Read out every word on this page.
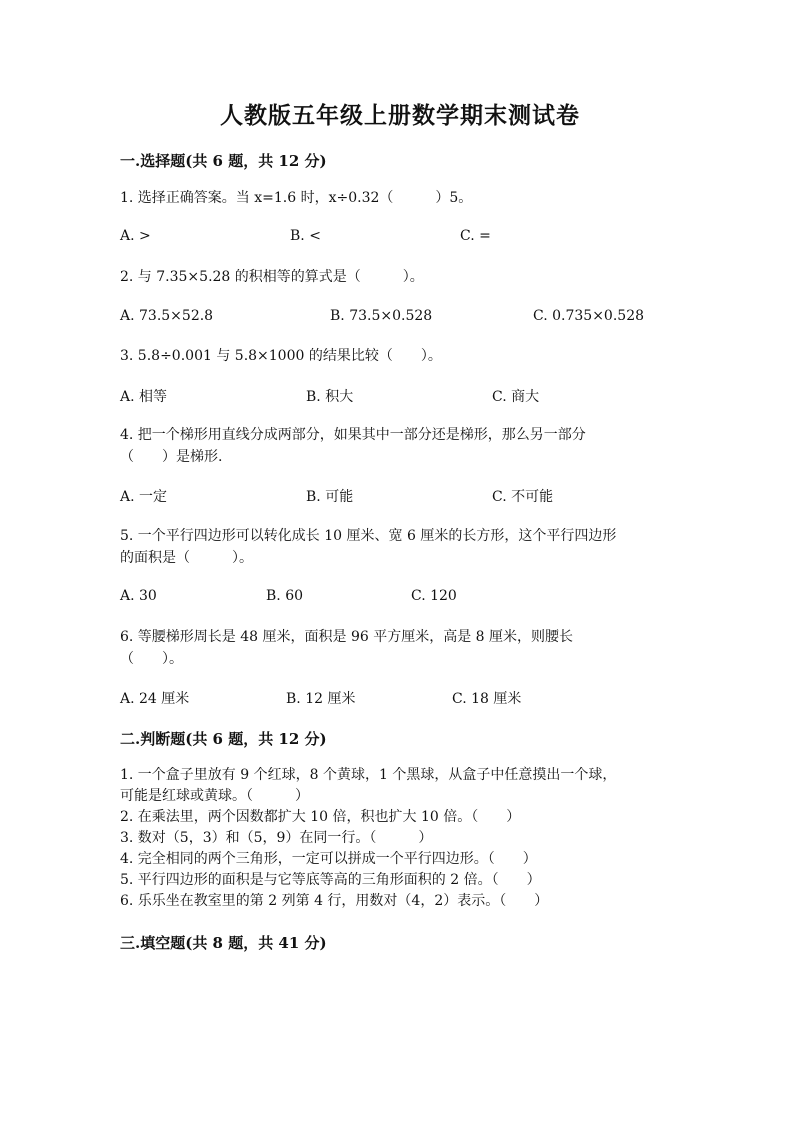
人教版五年级上册数学期末测试卷
一.选择题(共 6 题，共 12 分)
1. 选择正确答案。当 x=1.6 时，x÷0.32（　　　）5。
A. >	B. <	C. =
2. 与 7.35×5.28 的积相等的算式是（　　　）。
A. 73.5×52.8	B. 73.5×0.528	C. 0.735×0.528
3. 5.8÷0.001 与 5.8×1000 的结果比较（　　）。
A. 相等	B. 积大	C. 商大
4. 把一个梯形用直线分成两部分，如果其中一部分还是梯形，那么另一部分
（　　）是梯形.
A. 一定	B. 可能	C. 不可能
5. 一个平行四边形可以转化成长 10 厘米、宽 6 厘米的长方形，这个平行四边形
的面积是（　　　）。
A. 30	B. 60	C. 120
6. 等腰梯形周长是 48 厘米，面积是 96 平方厘米，高是 8 厘米，则腰长
（　　）。
A. 24 厘米	B. 12 厘米	C. 18 厘米
二.判断题(共 6 题，共 12 分)
1. 一个盒子里放有 9 个红球，8 个黄球，1 个黑球，从盒子中任意摸出一个球，
可能是红球或黄球。（　　　）
2. 在乘法里，两个因数都扩大 10 倍，积也扩大 10 倍。（　　）
3. 数对（5，3）和（5，9）在同一行。（　　　）
4. 完全相同的两个三角形，一定可以拼成一个平行四边形。（　　）
5. 平行四边形的面积是与它等底等高的三角形面积的 2 倍。（　　）
6. 乐乐坐在教室里的第 2 列第 4 行，用数对（4，2）表示。（　　）
三.填空题(共 8 题，共 41 分)
